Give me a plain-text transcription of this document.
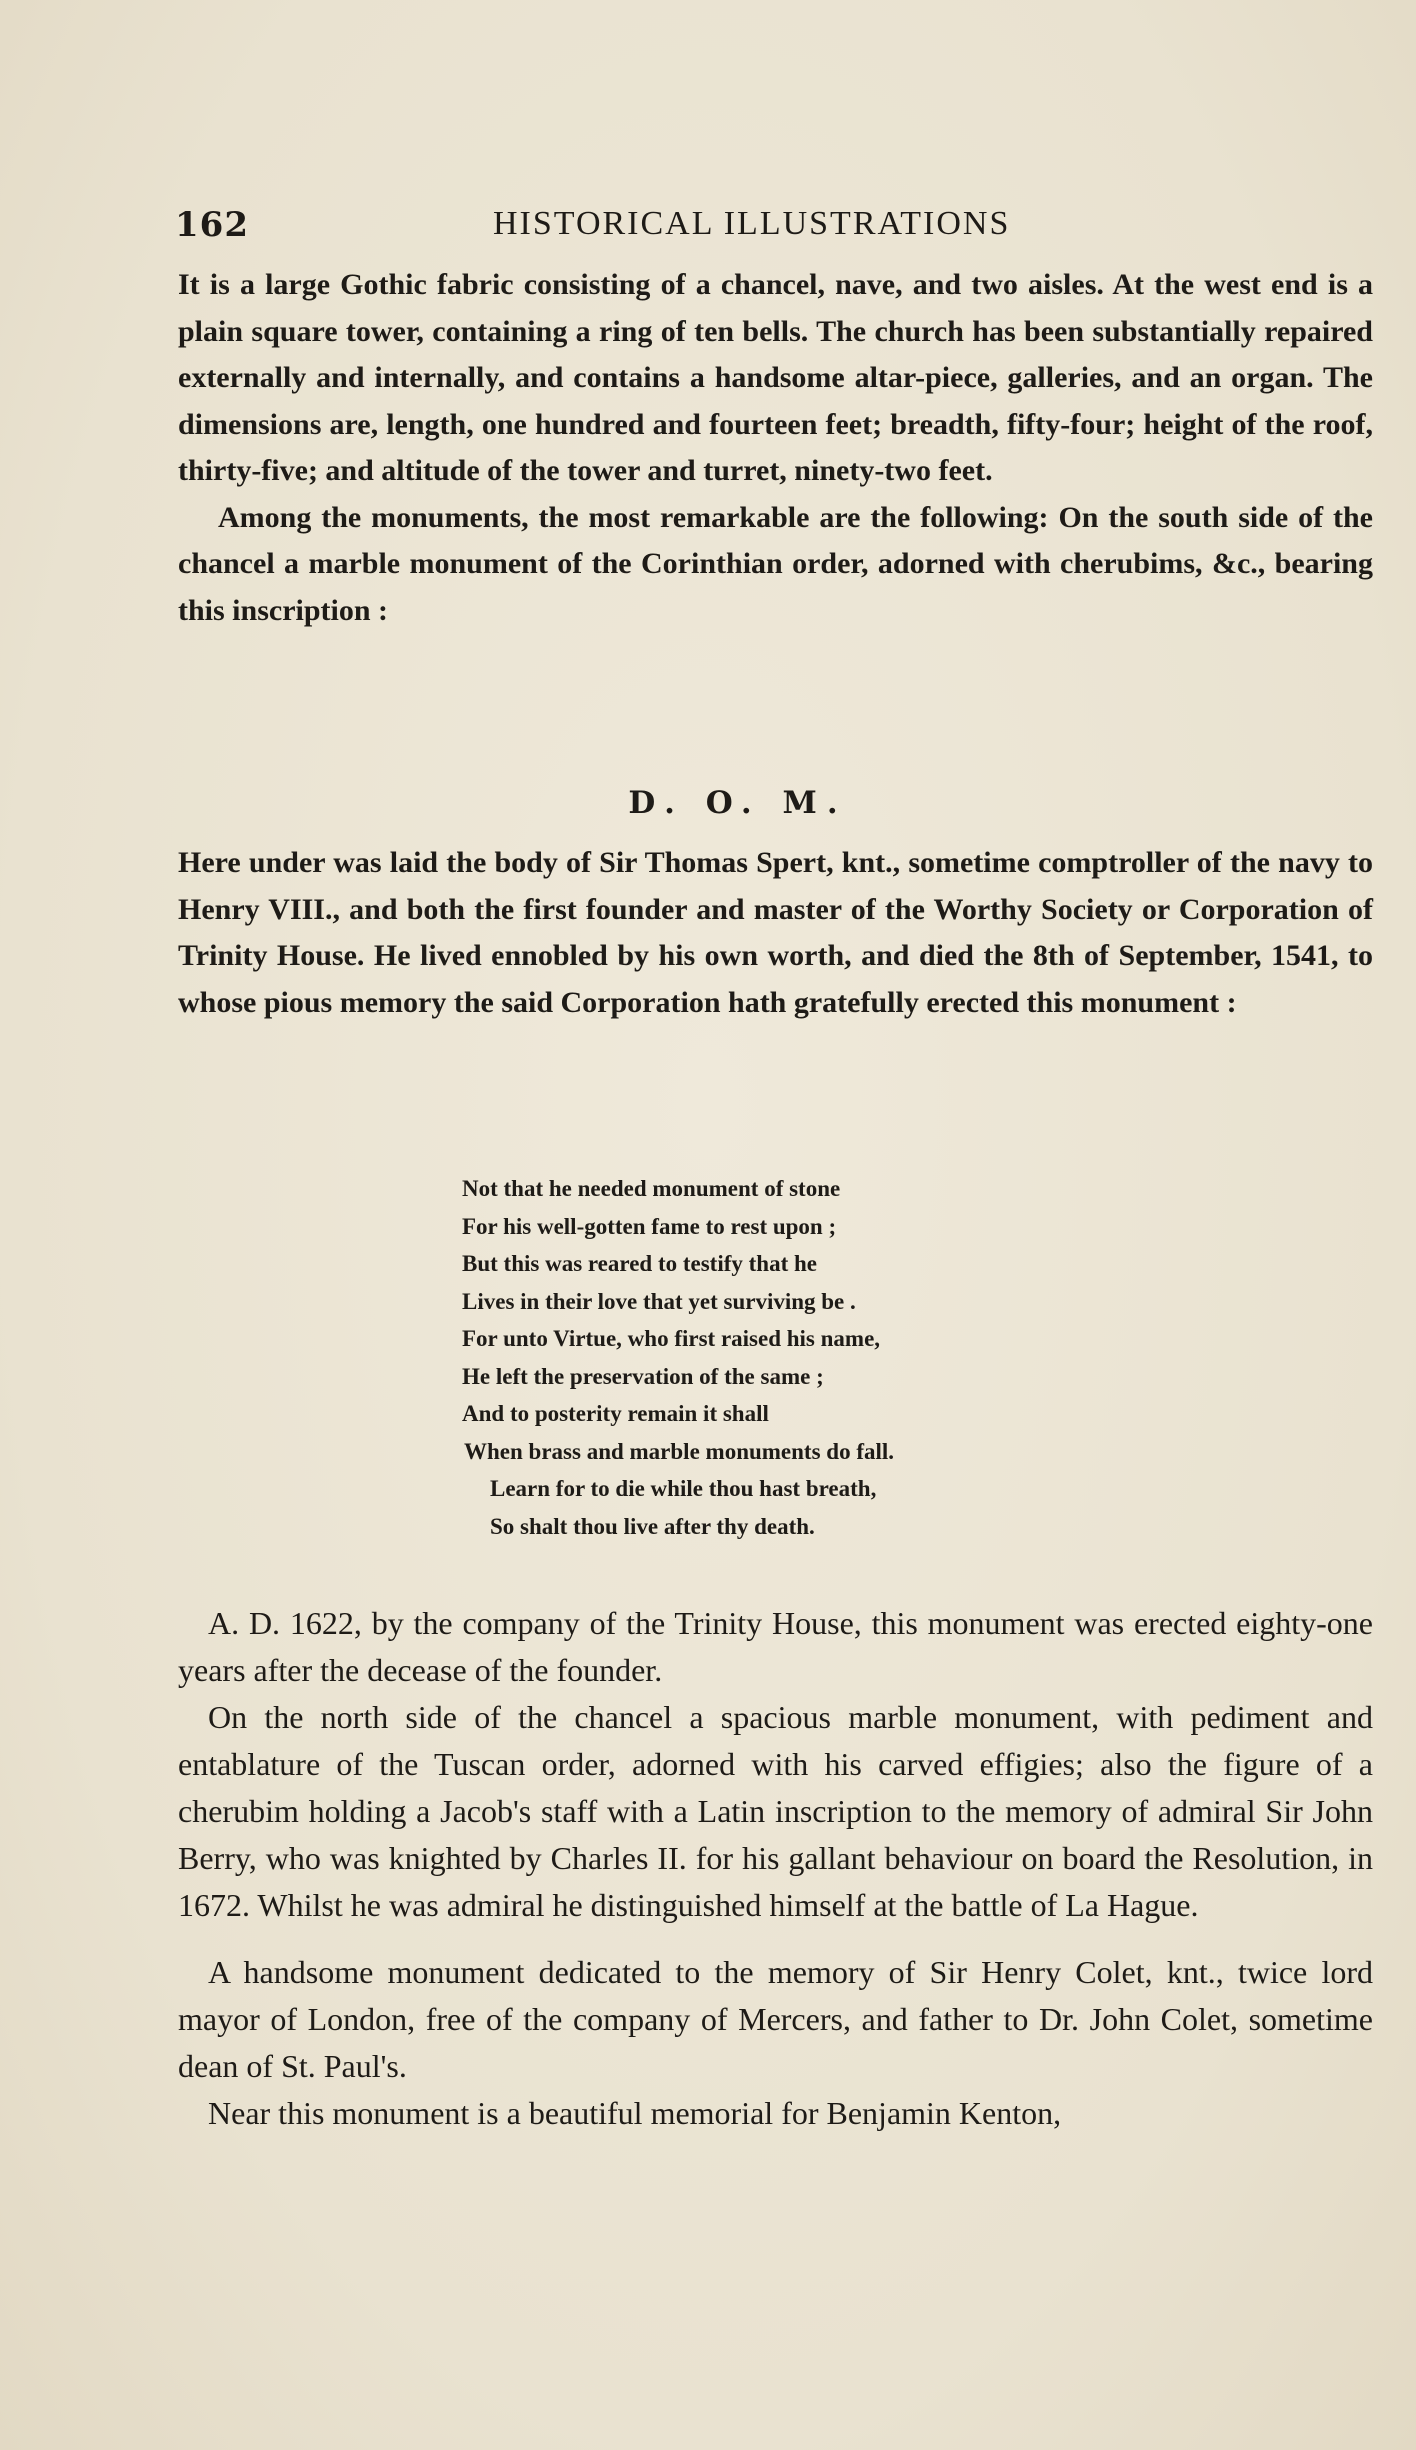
162	HISTORICAL ILLUSTRATIONS

It is a large Gothic fabric consisting of a chancel, nave, and two aisles. At the west end is a plain square tower, containing a ring of ten bells. The church has been substantially repaired externally and internally, and contains a handsome altar-piece, galleries, and an organ. The dimensions are, length, one hundred and fourteen feet; breadth, fifty-four; height of the roof, thirty-five; and altitude of the tower and turret, ninety-two feet.

Among the monuments, the most remarkable are the following: On the south side of the chancel a marble monument of the Corinthian order, adorned with cherubims, &c., bearing this inscription :

D. O. M.

Here under was laid the body of Sir Thomas Spert, knt., sometime comptroller of the navy to Henry VIII., and both the first founder and master of the Worthy Society or Corporation of Trinity House. He lived ennobled by his own worth, and died the 8th of September, 1541, to whose pious memory the said Corporation hath gratefully erected this monument :

Not that he needed monument of stone
For his well-gotten fame to rest upon ;
But this was reared to testify that he
Lives in their love that yet surviving be .
For unto Virtue, who first raised his name,
He left the preservation of the same ;
And to posterity remain it shall
When brass and marble monuments do fall.
Learn for to die while thou hast breath,
So shalt thou live after thy death.

A. D. 1622, by the company of the Trinity House, this monument was erected eighty-one years after the decease of the founder.

On the north side of the chancel a spacious marble monument, with pediment and entablature of the Tuscan order, adorned with his carved effigies; also the figure of a cherubim holding a Jacob's staff with a Latin inscription to the memory of admiral Sir John Berry, who was knighted by Charles II. for his gallant behaviour on board the Resolution, in 1672. Whilst he was admiral he distinguished himself at the battle of La Hague.

A handsome monument dedicated to the memory of Sir Henry Colet, knt., twice lord mayor of London, free of the company of Mercers, and father to Dr. John Colet, sometime dean of St. Paul's.

Near this monument is a beautiful memorial for Benjamin Kenton,
